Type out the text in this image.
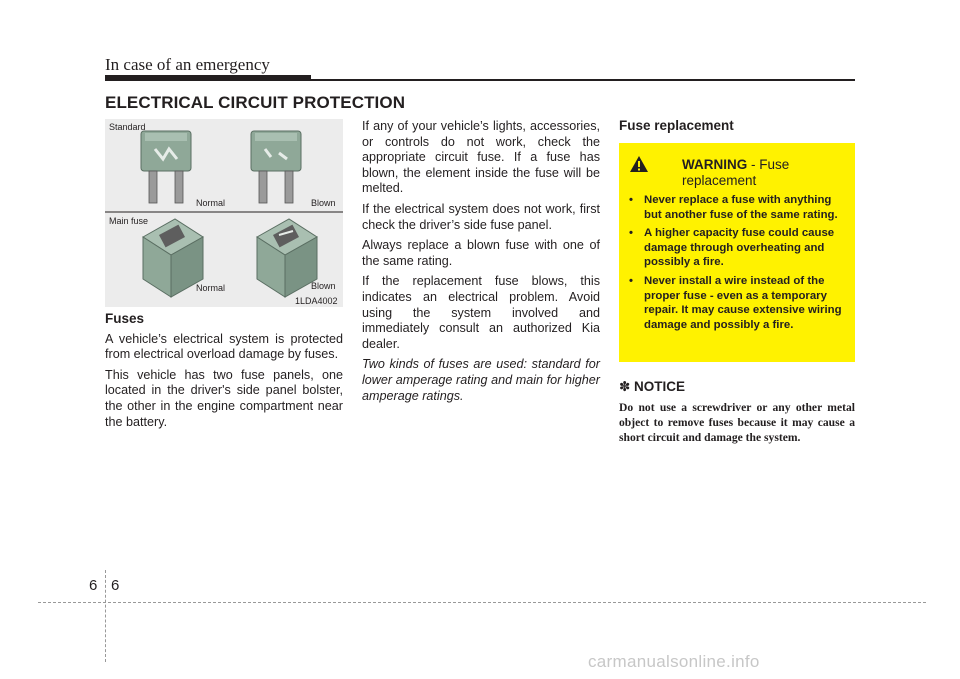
In case of an emergency
ELECTRICAL CIRCUIT PROTECTION
Standard
Normal	Blown
Main fuse
Normal	Blown
1LDA4002
Fuses

A vehicle’s electrical system is protected from electrical overload damage by fuses.

This vehicle has two fuse panels, one located in the driver's side panel bolster, the other in the engine compartment near the battery.

If any of your vehicle’s lights, accessories, or controls do not work, check the appropriate circuit fuse. If a fuse has blown, the element inside the fuse will be melted.

If the electrical system does not work, first check the driver’s side fuse panel.

Always replace a blown fuse with one of the same rating.

If the replacement fuse blows, this indicates an electrical problem. Avoid using the system involved and immediately consult an authorized Kia dealer.

Two kinds of fuses are used: standard for lower amperage rating and main for higher amperage ratings.

Fuse replacement
WARNING - Fuse replacement
• Never replace a fuse with anything but another fuse of the same rating.
• A higher capacity fuse could cause damage through overheating and possibly a fire.
• Never install a wire instead of the proper fuse - even as a temporary repair. It may cause extensive wiring damage and possibly a fire.
✽ NOTICE
Do not use a screwdriver or any other metal object to remove fuses because it may cause a short circuit and damage the system.
6 6
carmanualsonline.info
